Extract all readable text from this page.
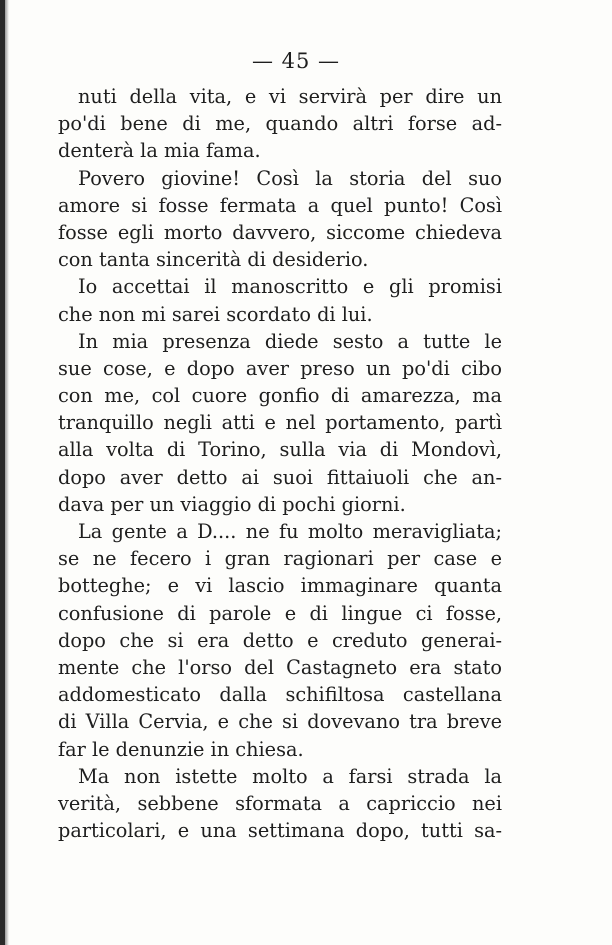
— 45 —
nuti della vita, e vi servirà per dire un
po'di bene di me, quando altri forse ad-
denterà la mia fama.
Povero giovine! Così la storia del suo
amore si fosse fermata a quel punto! Così
fosse egli morto davvero, siccome chiedeva
con tanta sincerità di desiderio.
Io accettai il manoscritto e gli promisi
che non mi sarei scordato di lui.
In mia presenza diede sesto a tutte le
sue cose, e dopo aver preso un po'di cibo
con me, col cuore gonfio di amarezza, ma
tranquillo negli atti e nel portamento, partì
alla volta di Torino, sulla via di Mondovì,
dopo aver detto ai suoi fittaiuoli che an-
dava per un viaggio di pochi giorni.
La gente a D.... ne fu molto meravigliata;
se ne fecero i gran ragionari per case e
botteghe; e vi lascio immaginare quanta
confusione di parole e di lingue ci fosse,
dopo che si era detto e creduto generai-
mente che l'orso del Castagneto era stato
addomesticato dalla schifiltosa castellana
di Villa Cervia, e che si dovevano tra breve
far le denunzie in chiesa.
Ma non istette molto a farsi strada la
verità, sebbene sformata a capriccio nei
particolari, e una settimana dopo, tutti sa-
